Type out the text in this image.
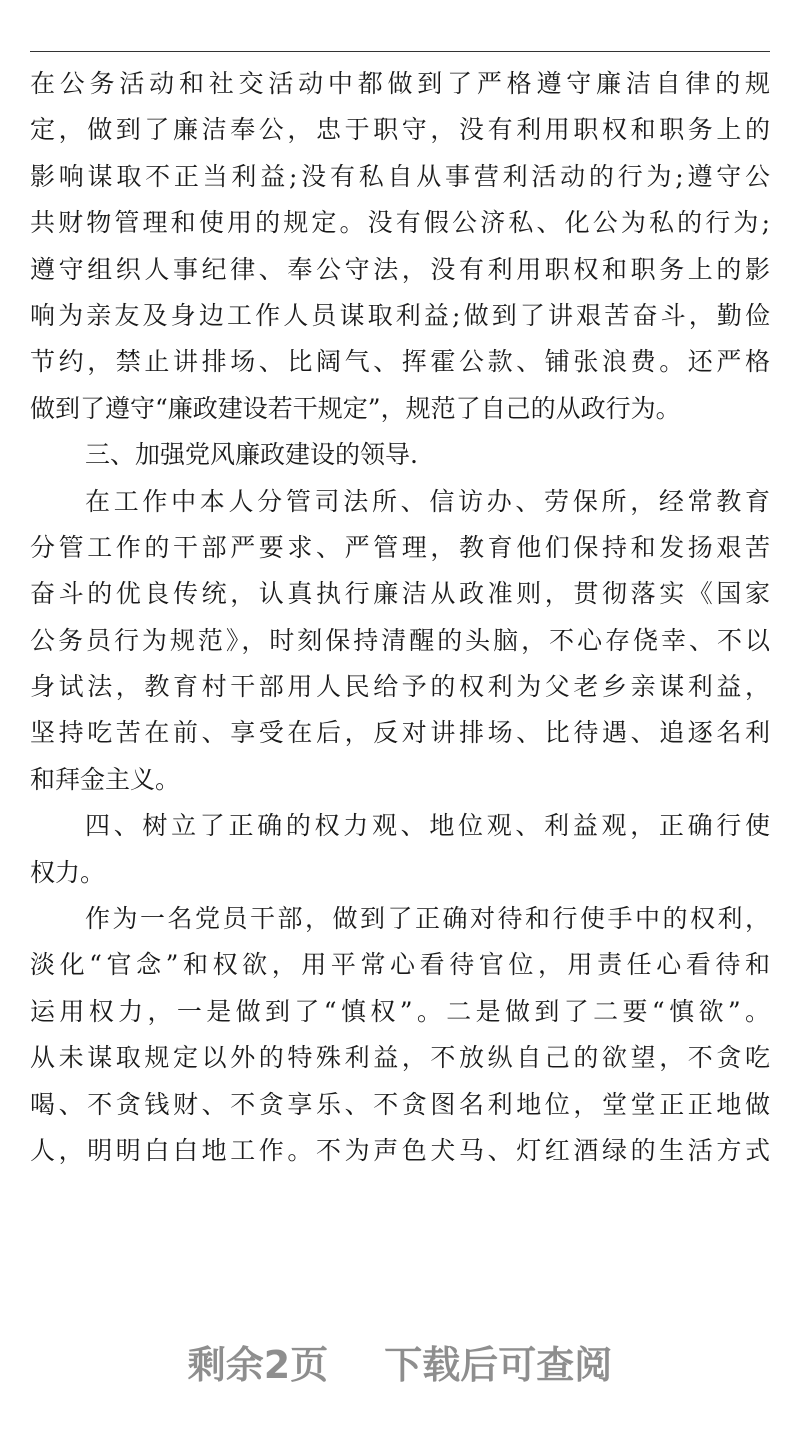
在公务活动和社交活动中都做到了严格遵守廉洁自律的规
定，做到了廉洁奉公，忠于职守，没有利用职权和职务上的
影响谋取不正当利益;没有私自从事营利活动的行为;遵守公
共财物管理和使用的规定。没有假公济私、化公为私的行为;
遵守组织人事纪律、奉公守法，没有利用职权和职务上的影
响为亲友及身边工作人员谋取利益;做到了讲艰苦奋斗，勤俭
节约，禁止讲排场、比阔气、挥霍公款、铺张浪费。还严格
做到了遵守“廉政建设若干规定”，规范了自己的从政行为。
三、加强党风廉政建设的领导.
在工作中本人分管司法所、信访办、劳保所，经常教育
分管工作的干部严要求、严管理，教育他们保持和发扬艰苦
奋斗的优良传统，认真执行廉洁从政准则，贯彻落实《国家
公务员行为规范》，时刻保持清醒的头脑，不心存侥幸、不以
身试法，教育村干部用人民给予的权利为父老乡亲谋利益，
坚持吃苦在前、享受在后，反对讲排场、比待遇、追逐名利
和拜金主义。
四、树立了正确的权力观、地位观、利益观，正确行使
权力。
作为一名党员干部，做到了正确对待和行使手中的权利，
淡化“官念”和权欲，用平常心看待官位，用责任心看待和
运用权力，一是做到了“慎权”。二是做到了二要“慎欲”。
从未谋取规定以外的特殊利益，不放纵自己的欲望，不贪吃
喝、不贪钱财、不贪享乐、不贪图名利地位，堂堂正正地做
人，明明白白地工作。不为声色犬马、灯红酒绿的生活方式
剩余2页 下载后可查阅
